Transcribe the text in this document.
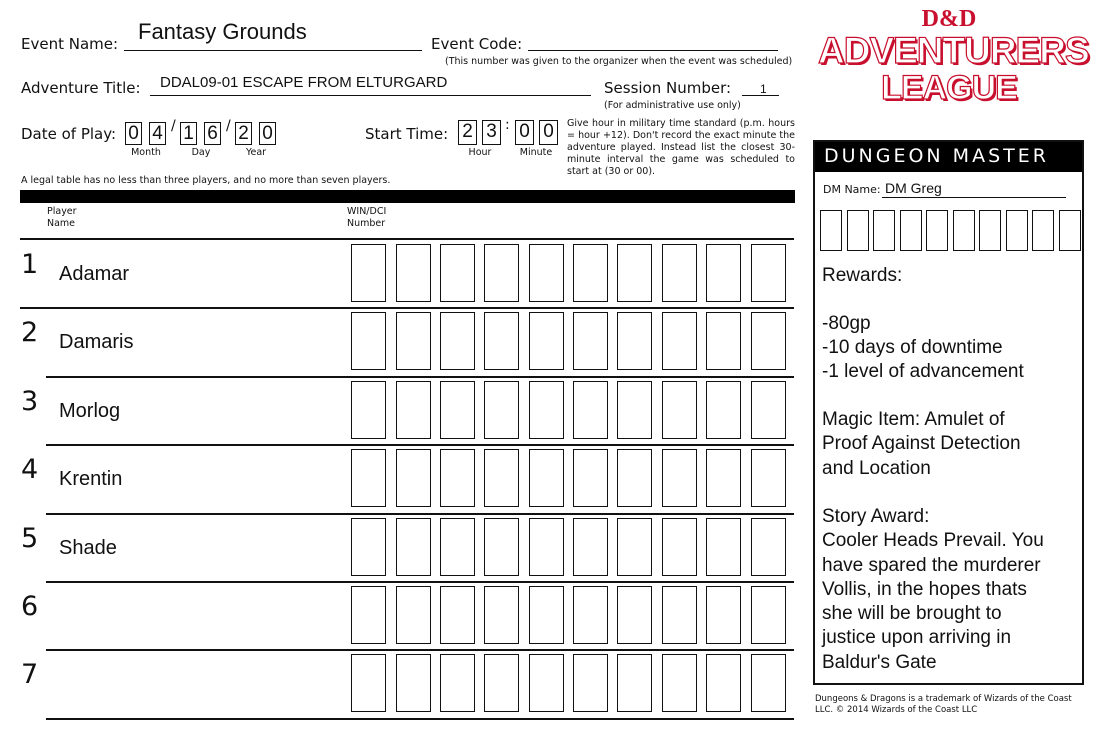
Event Name: Fantasy Grounds	Event Code:
(This number was given to the organizer when the event was scheduled)
Adventure Title: DDAL09-01 ESCAPE FROM ELTURGARD	Session Number: 1
(For administrative use only)
Date of Play: 0 4 / 1 6 / 2 0
Month	Day	Year
Start Time: 2 3 : 0 0
Hour	Minute
Give hour in military time standard (p.m. hours = hour +12). Don't record the exact minute the adventure played. Instead list the closest 30-minute interval the game was scheduled to start at (30 or 00).
A legal table has no less than three players, and no more than seven players.
Player
Name
WIN/DCI
Number
1 Adamar
2 Damaris
3 Morlog
4 Krentin
5 Shade
6
7
D&D
ADVENTURERS
LEAGUE
DUNGEON MASTER
DM Name: DM Greg
Rewards:
-80gp
-10 days of downtime
-1 level of advancement
Magic Item: Amulet of
Proof Against Detection
and Location
Story Award:
Cooler Heads Prevail. You
have spared the murderer
Vollis, in the hopes thats
she will be brought to
justice upon arriving in
Baldur's Gate
Dungeons & Dragons is a trademark of Wizards of the Coast LLC. © 2014 Wizards of the Coast LLC
